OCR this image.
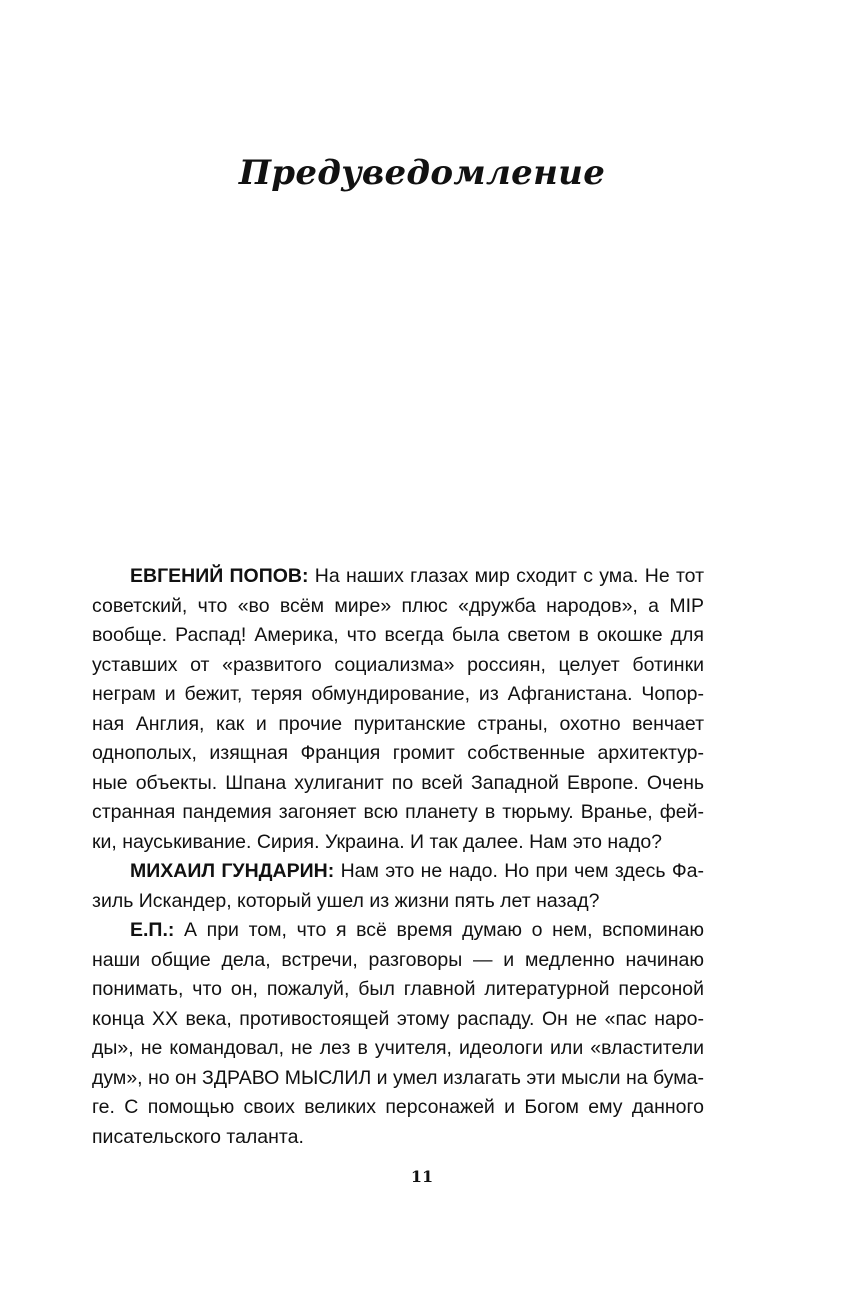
Предуведомление

ЕВГЕНИЙ ПОПОВ: На наших глазах мир сходит с ума. Не тот
советский, что «во всём мире» плюс «дружба народов», а МIР
вообще. Распад! Америка, что всегда была светом в окошке для
уставших от «развитого социализма» россиян, целует ботинки
неграм и бежит, теряя обмундирование, из Афганистана. Чопор-
ная Англия, как и прочие пуританские страны, охотно венчает
однополых, изящная Франция громит собственные архитектур-
ные объекты. Шпана хулиганит по всей Западной Европе. Очень
странная пандемия загоняет всю планету в тюрьму. Вранье, фей-
ки, науськивание. Сирия. Украина. И так далее. Нам это надо?

МИХАИЛ ГУНДАРИН: Нам это не надо. Но при чем здесь Фа-
зиль Искандер, который ушел из жизни пять лет назад?

Е.П.: А при том, что я всё время думаю о нем, вспоминаю
наши общие дела, встречи, разговоры — и медленно начинаю
понимать, что он, пожалуй, был главной литературной персоной
конца XX века, противостоящей этому распаду. Он не «пас наро-
ды», не командовал, не лез в учителя, идеологи или «властители
дум», но он ЗДРАВО МЫСЛИЛ и умел излагать эти мысли на бума-
ге. С помощью своих великих персонажей и Богом ему данного
писательского таланта.

11
